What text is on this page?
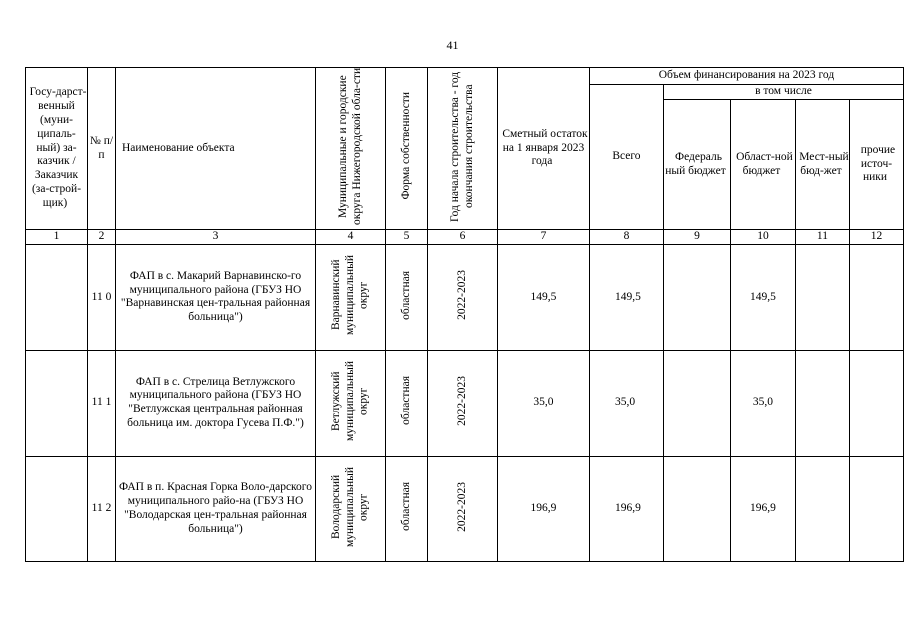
41
Госу-дарст-венный (муни-ципаль-ный) за-казчик / Заказчик (за-строй-щик)	№ п/п	Наименование объекта	Муниципальные и городские округа Нижегородской обла-сти	Форма собственности	Год начала строительства - год окончания строительства	Сметный остаток на 1 января 2023 года	Объем финансирования на 2023 год				
							Всего	в том числе			
								Федераль ный бюджет	Област-ной бюджет	Мест-ный бюд-жет	прочие источ-ники
1	2	3	4	5	6	7	8	9	10	11	12
	11 0	ФАП в с. Макарий Варнавинско-го муниципального района (ГБУЗ НО "Варнавинская цен-тральная районная больница")	Варнавинский муниципальный округ	областная	2022-2023	149,5	149,5		149,5		
	11 1	ФАП в с. Стрелица Ветлужского муниципального района (ГБУЗ НО "Ветлужская центральная районная больница им. доктора Гусева П.Ф.")	Ветлужский муниципальный округ	областная	2022-2023	35,0	35,0		35,0		
	11 2	ФАП в п. Красная Горка Воло-дарского муниципального райо-на (ГБУЗ НО "Володарская цен-тральная районная больница")	Володарский муниципальный округ	областная	2022-2023	196,9	196,9		196,9		
